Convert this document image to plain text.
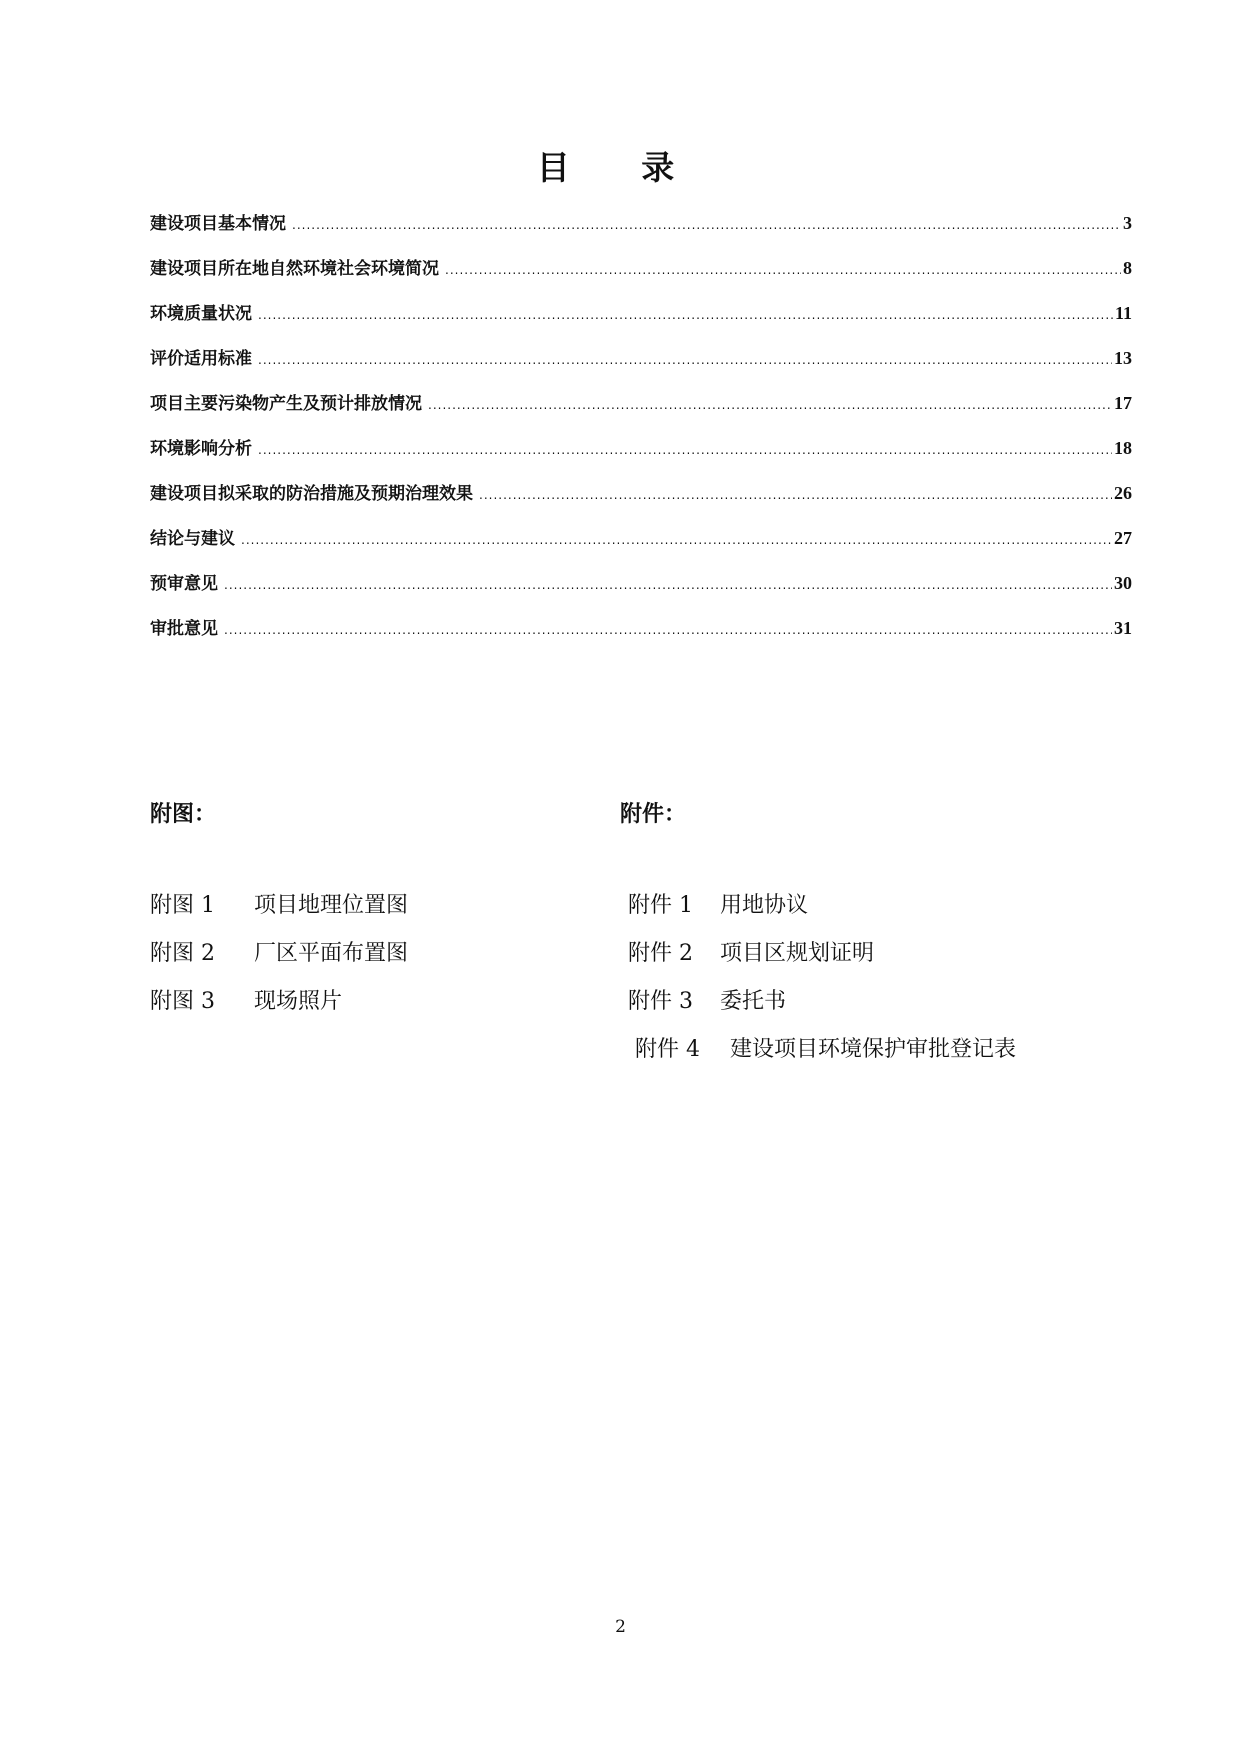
目 录
建设项目基本情况 .....	3
建设项目所在地自然环境社会环境简况 .....	8
环境质量状况 .....	11
评价适用标准 .....	13
项目主要污染物产生及预计排放情况 .....	17
环境影响分析 .....	18
建设项目拟采取的防治措施及预期治理效果 .....	26
结论与建议 .....	27
预审意见 .....	30
审批意见 .....	31
附图：	附件：
附图 1	项目地理位置图
附图 2	厂区平面布置图
附图 3	现场照片
附件 1	用地协议
附件 2	项目区规划证明
附件 3	委托书
附件 4	建设项目环境保护审批登记表
2
